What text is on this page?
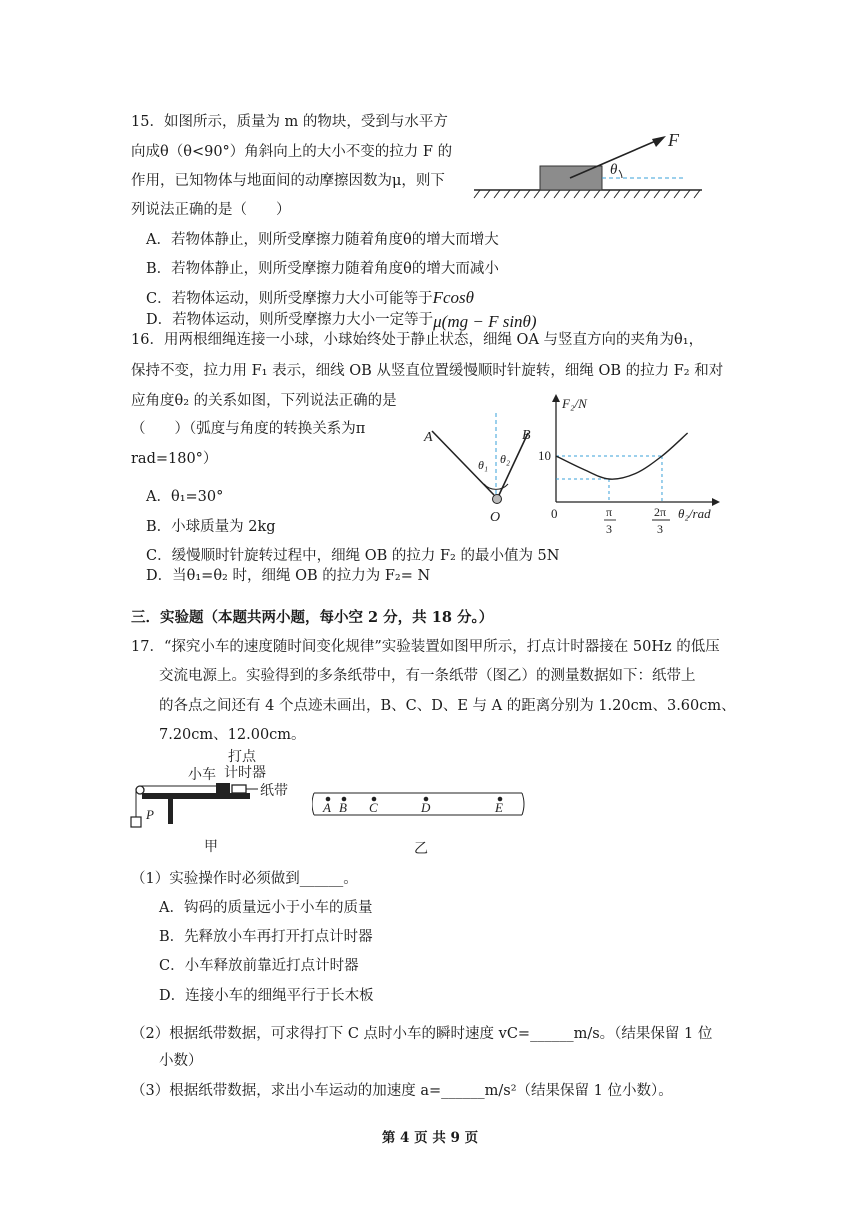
15．如图所示，质量为 m 的物块，受到与水平方
向成θ（θ<90°）角斜向上的大小不变的拉力 F 的
作用，已知物体与地面间的动摩擦因数为μ，则下
列说法正确的是（　　）
A．若物体静止，则所受摩擦力随着角度θ的增大而增大
B．若物体静止，则所受摩擦力随着角度θ的增大而减小
C．若物体运动，则所受摩擦力大小可能等于Fcosθ
D．若物体运动，则所受摩擦力大小一定等于μ(mg − F sinθ)
F
θ
16．用两根细绳连接一小球，小球始终处于静止状态，细绳 OA 与竖直方向的夹角为θ₁，
保持不变，拉力用 F₁ 表示，细线 OB 从竖直位置缓慢顺时针旋转，细绳 OB 的拉力 F₂ 和对
应角度θ₂ 的关系如图，下列说法正确的是
（　　）（弧度与角度的转换关系为π
rad=180°）
A．θ₁=30°
B．小球质量为 2kg
C．缓慢顺时针旋转过程中，细绳 OB 的拉力 F₂ 的最小值为 5N
D．当θ₁=θ₂ 时，细绳 OB 的拉力为 F₂= N
A	B
O
θ₁ θ₂
F₂/N
θ₂/rad
10
0	π
3
2π
3
三．实验题（本题共两小题，每小空 2 分，共 18 分。）
17．“探究小车的速度随时间变化规律”实验装置如图甲所示，打点计时器接在 50Hz 的低压
交流电源上。实验得到的多条纸带中，有一条纸带（图乙）的测量数据如下：纸带上
的各点之间还有 4 个点迹未画出，B、C、D、E 与 A 的距离分别为 1.20cm、3.60cm、
7.20cm、12.00cm。
打点
计时器
小车
纸带
P
甲
A B C	D	E
乙
（1）实验操作时必须做到______。
A．钩码的质量远小于小车的质量
B．先释放小车再打开打点计时器
C．小车释放前靠近打点计时器
D．连接小车的细绳平行于长木板
（2）根据纸带数据，可求得打下 C 点时小车的瞬时速度 vC=______m/s。（结果保留 1 位
小数）
（3）根据纸带数据，求出小车运动的加速度 a=______m/s²（结果保留 1 位小数）。
第 4 页 共 9 页
